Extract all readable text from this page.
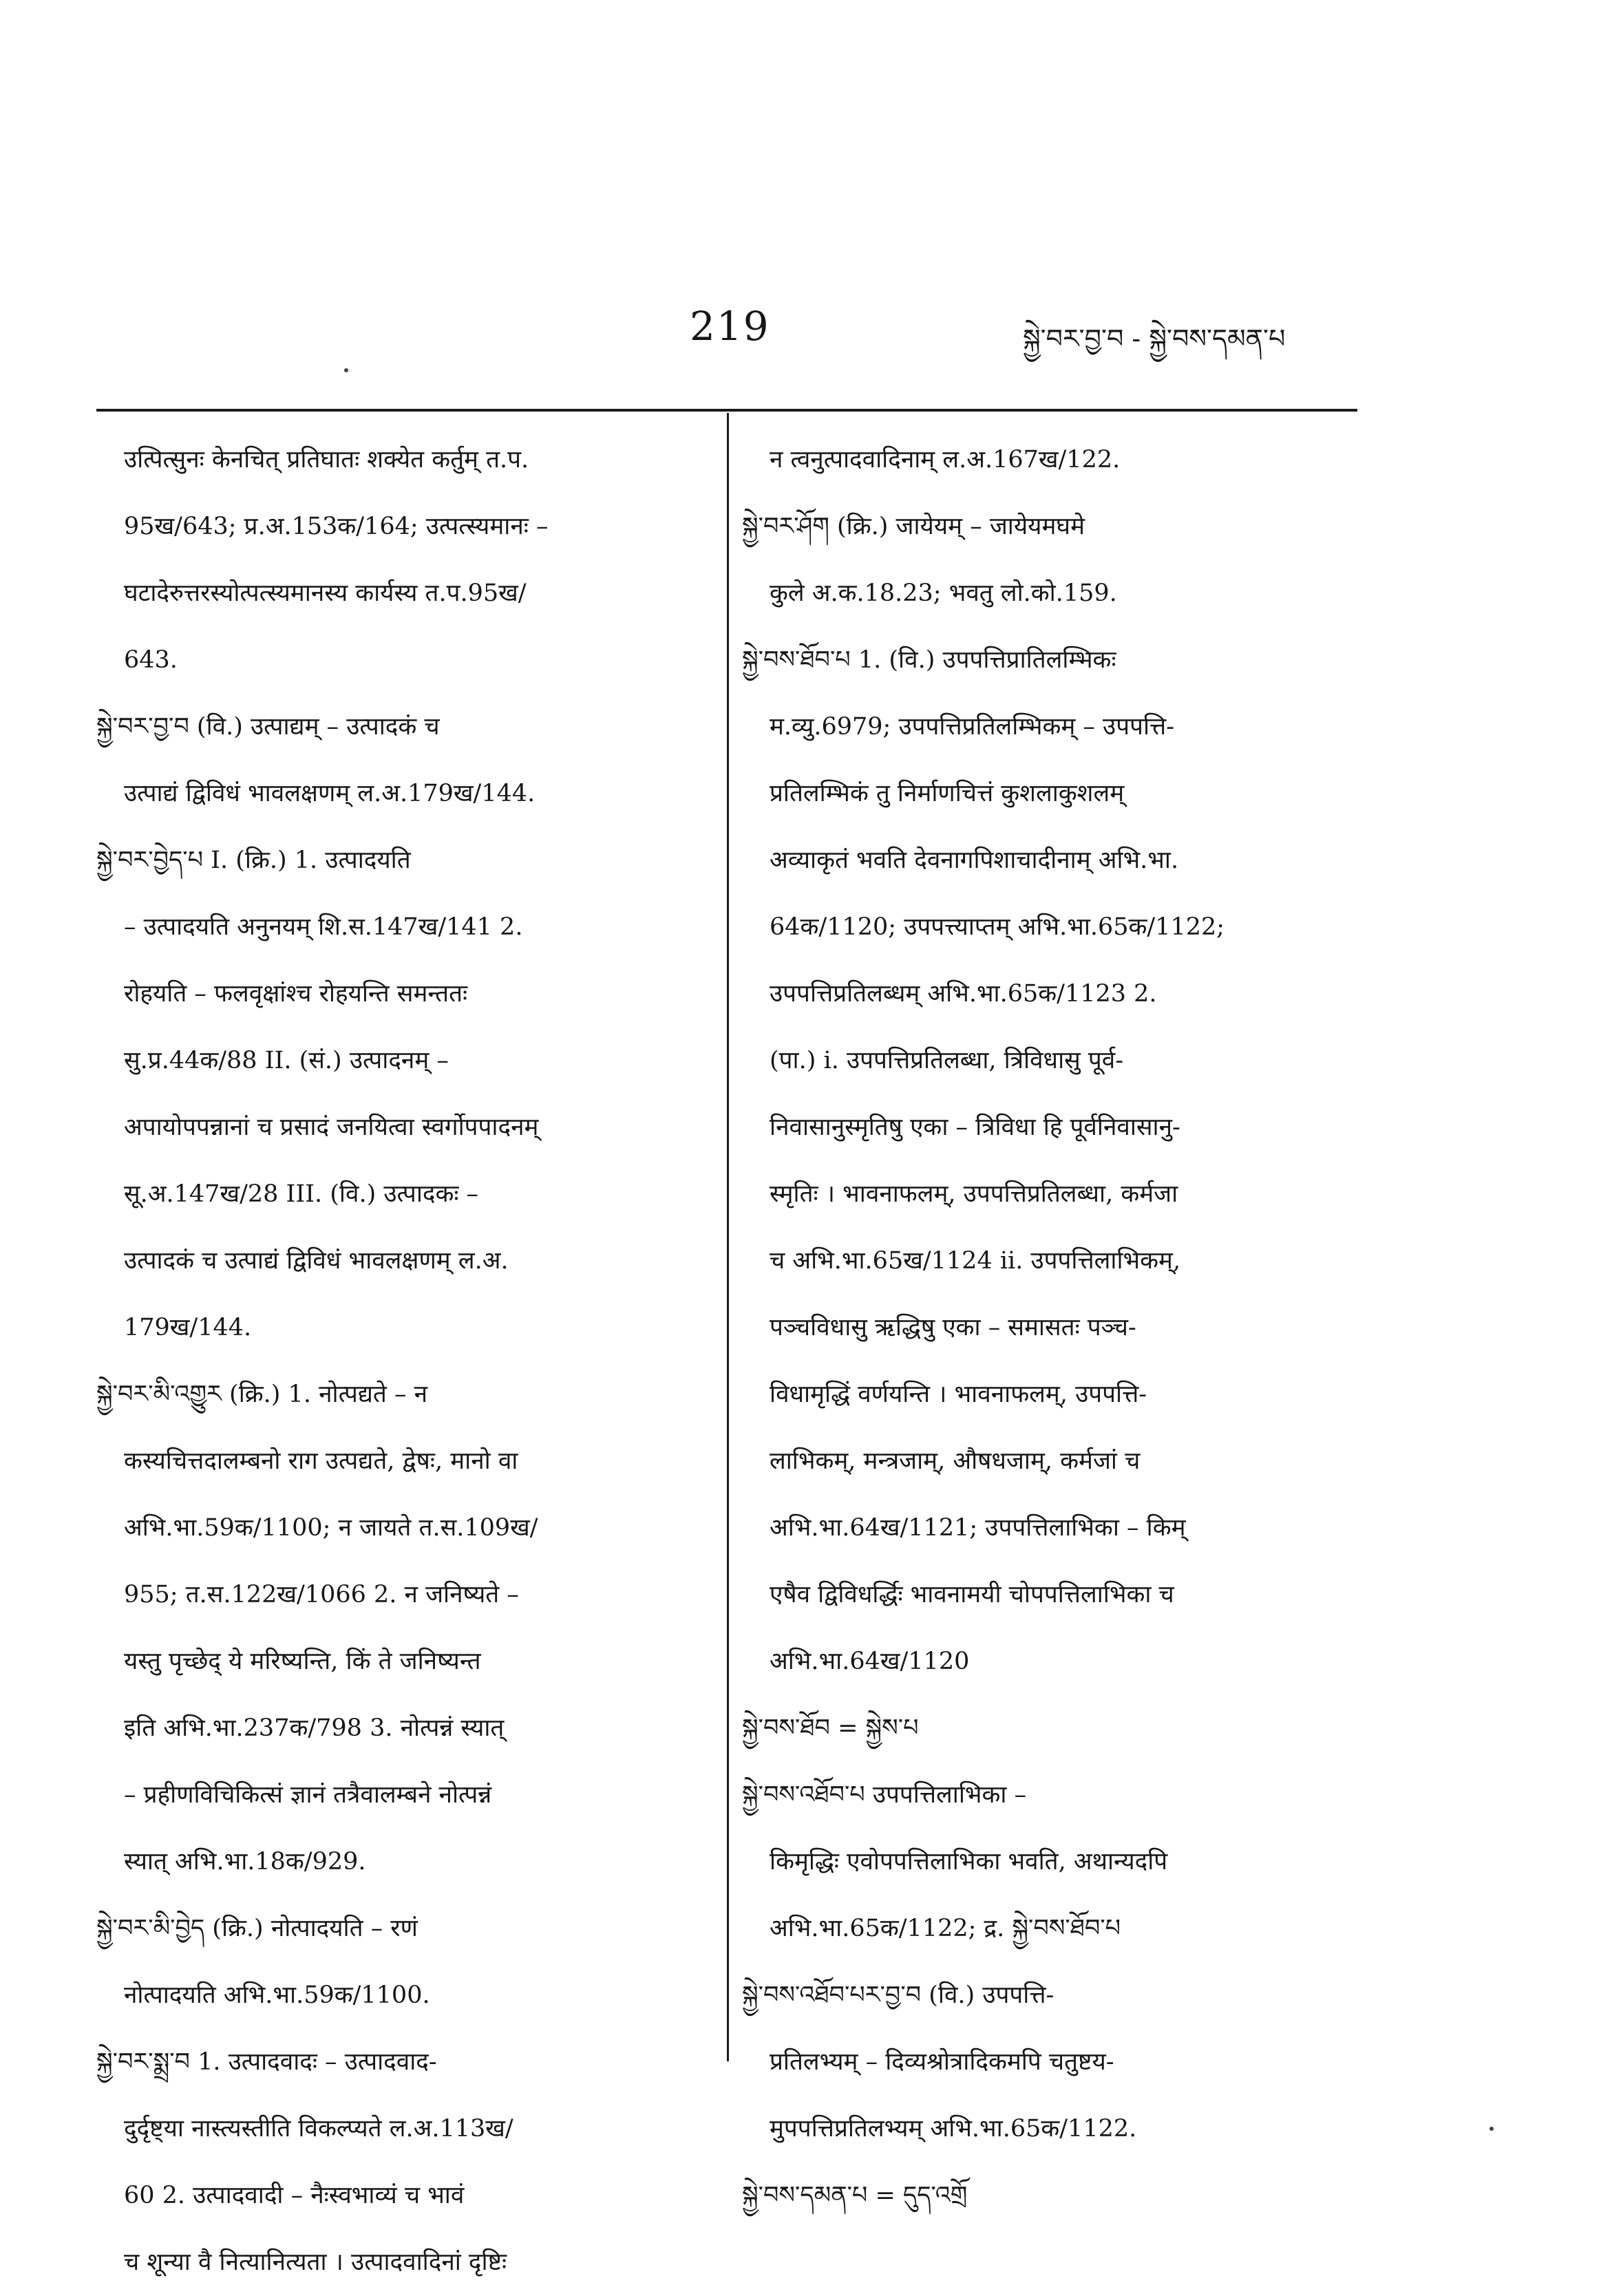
219	སྐྱེ་བར་བྱ་བ - སྐྱེ་བས་དམན་པ
उत्पित्सुनः केनचित् प्रतिघातः शक्येत कर्तुम् त.प.
95ख/643; प्र.अ.153क/164; उत्पत्स्यमानः –
घटादेरुत्तरस्योत्पत्स्यमानस्य कार्यस्य त.प.95ख/
643.
སྐྱེ་བར་བྱ་བ (वि.) उत्पाद्यम् – उत्पादकं च
उत्पाद्यं द्विविधं भावलक्षणम् ल.अ.179ख/144.
སྐྱེ་བར་བྱེད་པ I. (क्रि.) 1. उत्पादयति
– उत्पादयति अनुनयम् शि.स.147ख/141 2.
रोहयति – फलवृक्षांश्च रोहयन्ति समन्ततः
सु.प्र.44क/88 II. (सं.) उत्पादनम् –
अपायोपपन्नानां च प्रसादं जनयित्वा स्वर्गोपपादनम्
सू.अ.147ख/28 III. (वि.) उत्पादकः –
उत्पादकं च उत्पाद्यं द्विविधं भावलक्षणम् ल.अ.
179ख/144.
སྐྱེ་བར་མི་འགྱུར (क्रि.) 1. नोत्पद्यते – न
कस्यचित्तदालम्बनो राग उत्पद्यते, द्वेषः, मानो वा
अभि.भा.59क/1100; न जायते त.स.109ख/
955; त.स.122ख/1066 2. न जनिष्यते –
यस्तु पृच्छेद् ये मरिष्यन्ति, किं ते जनिष्यन्त
इति अभि.भा.237क/798 3. नोत्पन्नं स्यात्
– प्रहीणविचिकित्सं ज्ञानं तत्रैवालम्बने नोत्पन्नं
स्यात् अभि.भा.18क/929.
སྐྱེ་བར་མི་བྱེད (क्रि.) नोत्पादयति – रणं
नोत्पादयति अभि.भा.59क/1100.
སྐྱེ་བར་སྨྲ་བ 1. उत्पादवादः – उत्पादवाद-
दुर्दृष्ट्या नास्त्यस्तीति विकल्प्यते ल.अ.113ख/
60 2. उत्पादवादी – नैःस्वभाव्यं च भावं
च शून्या वै नित्यानित्यता । उत्पादवादिनां दृष्टिः
न त्वनुत्पादवादिनाम् ल.अ.167ख/122.
སྐྱེ་བར་ཤོག (क्रि.) जायेयम् – जायेयमघमे
कुले अ.क.18.23; भवतु लो.को.159.
སྐྱེ་བས་ཐོབ་པ 1. (वि.) उपपत्तिप्रातिलम्भिकः
म.व्यु.6979; उपपत्तिप्रतिलम्भिकम् – उपपत्ति-
प्रतिलम्भिकं तु निर्माणचित्तं कुशलाकुशलम्
अव्याकृतं भवति देवनागपिशाचादीनाम् अभि.भा.
64क/1120; उपपत्त्याप्तम् अभि.भा.65क/1122;
उपपत्तिप्रतिलब्धम् अभि.भा.65क/1123 2.
(पा.) i. उपपत्तिप्रतिलब्धा, त्रिविधासु पूर्व-
निवासानुस्मृतिषु एका – त्रिविधा हि पूर्वनिवासानु-
स्मृतिः । भावनाफलम्, उपपत्तिप्रतिलब्धा, कर्मजा
च अभि.भा.65ख/1124 ii. उपपत्तिलाभिकम्,
पञ्चविधासु ऋद्धिषु एका – समासतः पञ्च-
विधामृद्धिं वर्णयन्ति । भावनाफलम्, उपपत्ति-
लाभिकम्, मन्त्रजाम्, औषधजाम्, कर्मजां च
अभि.भा.64ख/1121; उपपत्तिलाभिका – किम्
एषैव द्विविधर्द्धिः भावनामयी चोपपत्तिलाभिका च
अभि.भा.64ख/1120
སྐྱེ་བས་ཐོབ = སྐྱེས་པ
སྐྱེ་བས་འཐོབ་པ उपपत्तिलाभिका –
किमृद्धिः एवोपपत्तिलाभिका भवति, अथान्यदपि
अभि.भा.65क/1122; द्र. སྐྱེ་བས་ཐོབ་པ
སྐྱེ་བས་འཐོབ་པར་བྱ་བ (वि.) उपपत्ति-
प्रतिलभ्यम् – दिव्यश्रोत्रादिकमपि चतुष्टय-
मुपपत्तिप्रतिलभ्यम् अभि.भा.65क/1122.
སྐྱེ་བས་དམན་པ = དུད་འགྲོ
